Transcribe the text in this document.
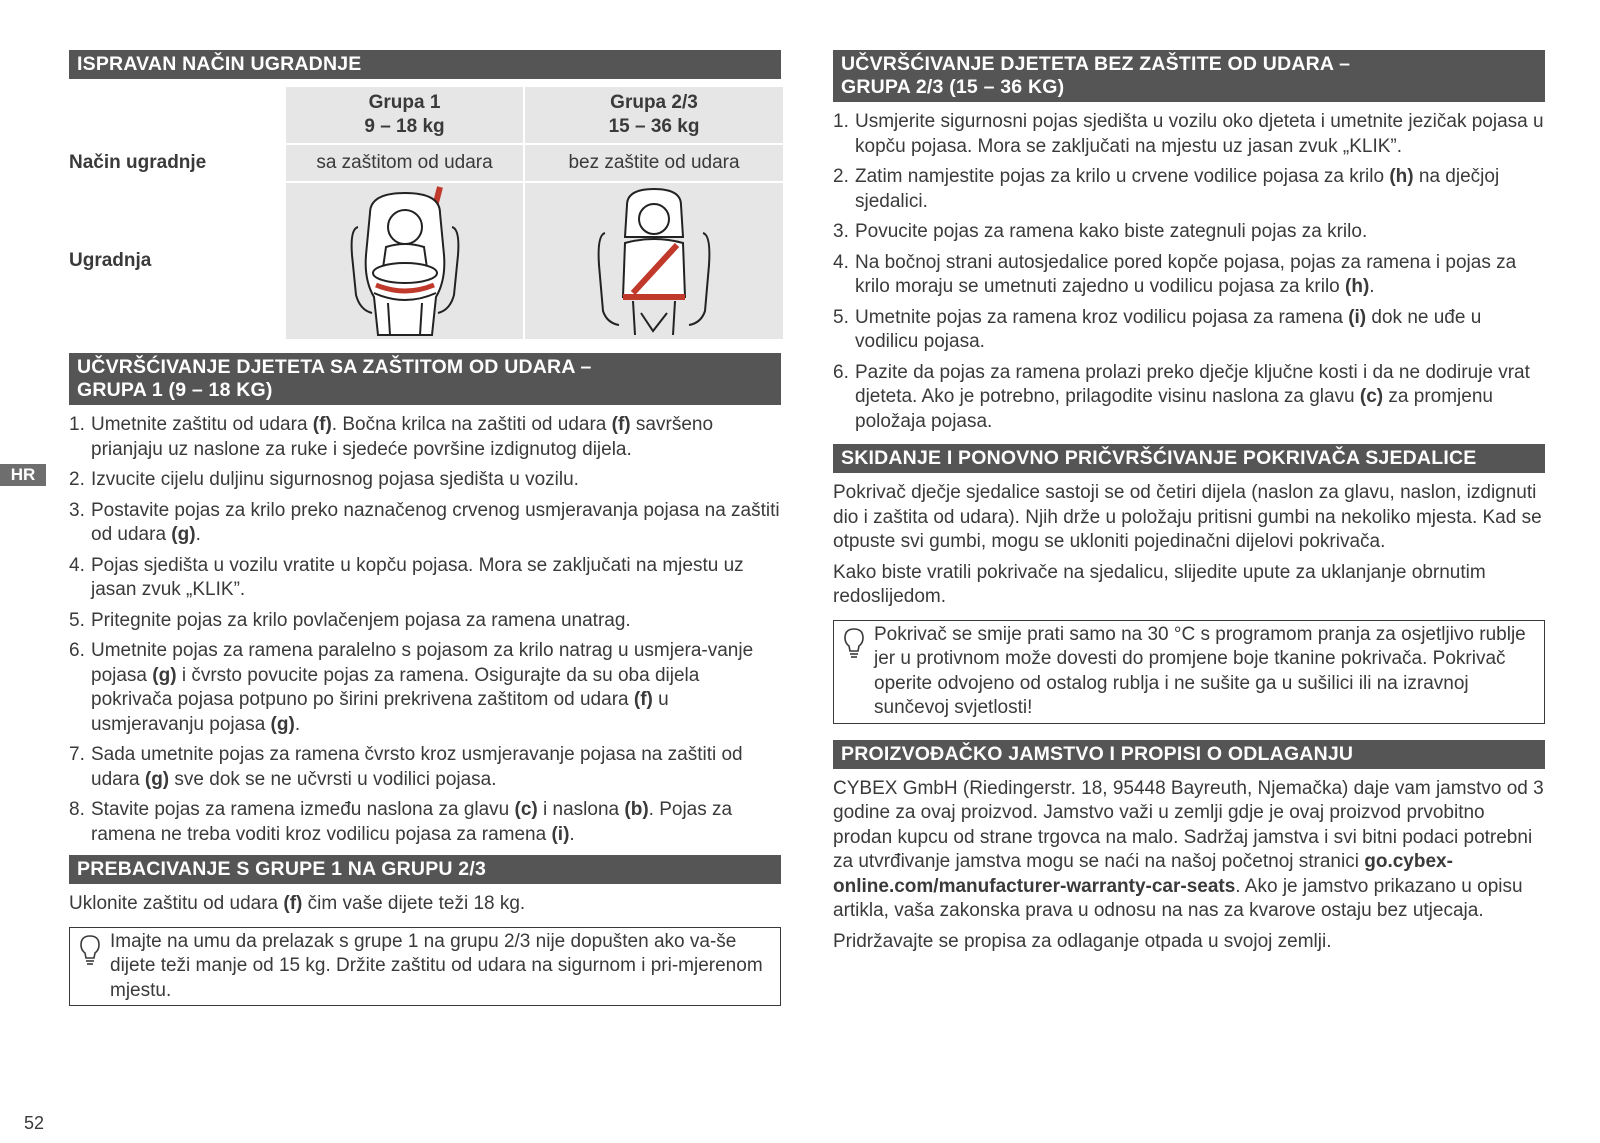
HR
ISPRAVAN NAČIN UGRADNJE
Grupa 1
9 – 18 kg
Grupa 2/3
15 – 36 kg
Način ugradnje	sa zaštitom od udara	bez zaštite od udara
Ugradnja
UČVRŠĆIVANJE DJETETA SA ZAŠTITOM OD UDARA –
GRUPA 1 (9 – 18 KG)
1. Umetnite zaštitu od udara (f). Bočna krilca na zaštiti od udara (f) savršeno prianjaju uz naslone za ruke i sjedeće površine izdignutog dijela.
2. Izvucite cijelu duljinu sigurnosnog pojasa sjedišta u vozilu.
3. Postavite pojas za krilo preko naznačenog crvenog usmjeravanja pojasa na zaštiti od udara (g).
4. Pojas sjedišta u vozilu vratite u kopču pojasa. Mora se zaključati na mjestu uz jasan zvuk „KLIK”.
5. Pritegnite pojas za krilo povlačenjem pojasa za ramena unatrag.
6. Umetnite pojas za ramena paralelno s pojasom za krilo natrag u usmjera-vanje pojasa (g) i čvrsto povucite pojas za ramena. Osigurajte da su oba dijela pokrivača pojasa potpuno po širini prekrivena zaštitom od udara (f) u usmjeravanju pojasa (g).
7. Sada umetnite pojas za ramena čvrsto kroz usmjeravanje pojasa na zaštiti od udara (g) sve dok se ne učvrsti u vodilici pojasa.
8. Stavite pojas za ramena između naslona za glavu (c) i naslona (b). Pojas za ramena ne treba voditi kroz vodilicu pojasa za ramena (i).
PREBACIVANJE S GRUPE 1 NA GRUPU 2/3

Uklonite zaštitu od udara (f) čim vaše dijete teži 18 kg.

Imajte na umu da prelazak s grupe 1 na grupu 2/3 nije dopušten ako va-še dijete teži manje od 15 kg. Držite zaštitu od udara na sigurnom i pri-mjerenom mjestu.
UČVRŠĆIVANJE DJETETA BEZ ZAŠTITE OD UDARA –
GRUPA 2/3 (15 – 36 KG)
1. Usmjerite sigurnosni pojas sjedišta u vozilu oko djeteta i umetnite jezičak pojasa u kopču pojasa. Mora se zaključati na mjestu uz jasan zvuk „KLIK”.
2. Zatim namjestite pojas za krilo u crvene vodilice pojasa za krilo (h) na dječjoj sjedalici.
3. Povucite pojas za ramena kako biste zategnuli pojas za krilo.
4. Na bočnoj strani autosjedalice pored kopče pojasa, pojas za ramena i pojas za krilo moraju se umetnuti zajedno u vodilicu pojasa za krilo (h).
5. Umetnite pojas za ramena kroz vodilicu pojasa za ramena (i) dok ne uđe u vodilicu pojasa.
6. Pazite da pojas za ramena prolazi preko dječje ključne kosti i da ne dodiruje vrat djeteta. Ako je potrebno, prilagodite visinu naslona za glavu (c) za promjenu položaja pojasa.
SKIDANJE I PONOVNO PRIČVRŠĆIVANJE POKRIVAČA SJEDALICE

Pokrivač dječje sjedalice sastoji se od četiri dijela (naslon za glavu, naslon, izdignuti dio i zaštita od udara). Njih drže u položaju pritisni gumbi na nekoliko mjesta. Kad se otpuste svi gumbi, mogu se ukloniti pojedinačni dijelovi pokrivača.

Kako biste vratili pokrivače na sjedalicu, slijedite upute za uklanjanje obrnutim redoslijedom.

Pokrivač se smije prati samo na 30 °C s programom pranja za osjetljivo rublje jer u protivnom može dovesti do promjene boje tkanine pokrivača. Pokrivač operite odvojeno od ostalog rublja i ne sušite ga u sušilici ili na izravnoj sunčevoj svjetlosti!
PROIZVOĐAČKO JAMSTVO I PROPISI O ODLAGANJU

CYBEX GmbH (Riedingerstr. 18, 95448 Bayreuth, Njemačka) daje vam jamstvo od 3 godine za ovaj proizvod. Jamstvo važi u zemlji gdje je ovaj proizvod prvobitno prodan kupcu od strane trgovca na malo. Sadržaj jamstva i svi bitni podaci potrebni za utvrđivanje jamstva mogu se naći na našoj početnoj stranici go.cybex-online.com/manufacturer-warranty-car-seats. Ako je jamstvo prikazano u opisu artikla, vaša zakonska prava u odnosu na nas za kvarove ostaju bez utjecaja.

Pridržavajte se propisa za odlaganje otpada u svojoj zemlji.

52
